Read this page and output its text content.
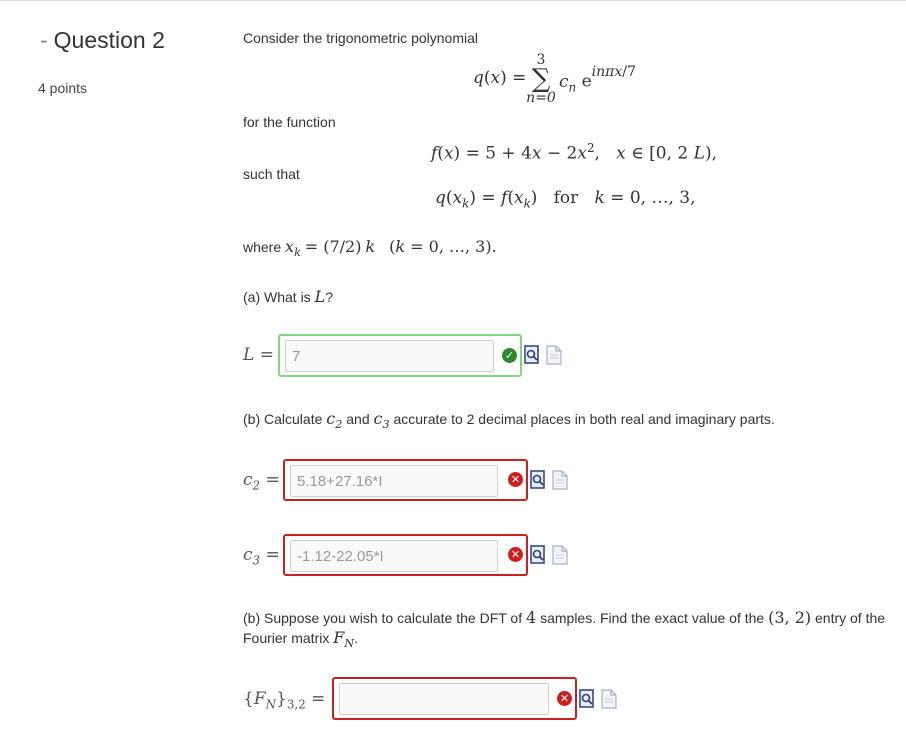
- Question 2
4 points
Consider the trigonometric polynomial
q(x) =
3
∑
n=0
$c_n$ $e^{in\pi x/7}$
for the function
$f(x) = 5 + 4x - 2x^2$,   x ∈ [0, 2 L),
such that
$q(x_k) = f(x_k)$   for   k = 0, …, 3,
where $x_k = (7/2)$ k   (k = 0, …, 3).
(a) What is L?
L =
7	✓
(b) Calculate $c_2$ and $c_3$ accurate to 2 decimal places in both real and imaginary parts.
$c_2$ =
5.18+27.16*I	✕
$c_3$ =
-1.12-22.05*I	✕
(b) Suppose you wish to calculate the DFT of 4 samples. Find the exact value of the (3, 2) entry of the
Fourier matrix $F_N$.
$\{F_N\}_{3,2}$ =	✕
